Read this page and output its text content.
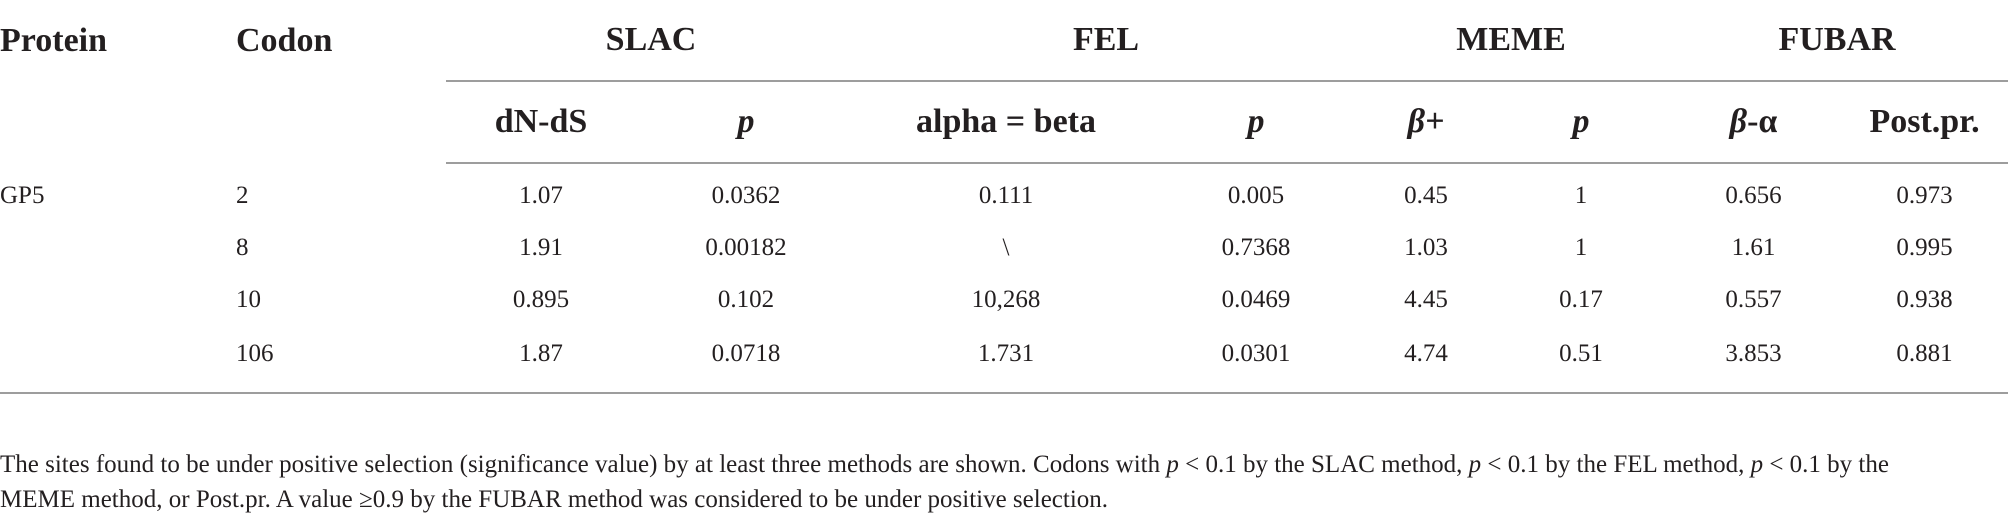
Protein	Codon	SLAC		FEL		MEME		FUBAR	
		dN-dS	p	alpha = beta	p	β+	p	β-α	Post.pr.
GP5	2	1.07	0.0362	0.111	0.005	0.45	1	0.656	0.973
	8	1.91	0.00182	\	0.7368	1.03	1	1.61	0.995
	10	0.895	0.102	10,268	0.0469	4.45	0.17	0.557	0.938
	106	1.87	0.0718	1.731	0.0301	4.74	0.51	3.853	0.881

The sites found to be under positive selection (significance value) by at least three methods are shown. Codons with p < 0.1 by the SLAC method, p < 0.1 by the FEL method, p < 0.1 by the

MEME method, or Post.pr. A value ≥0.9 by the FUBAR method was considered to be under positive selection.
